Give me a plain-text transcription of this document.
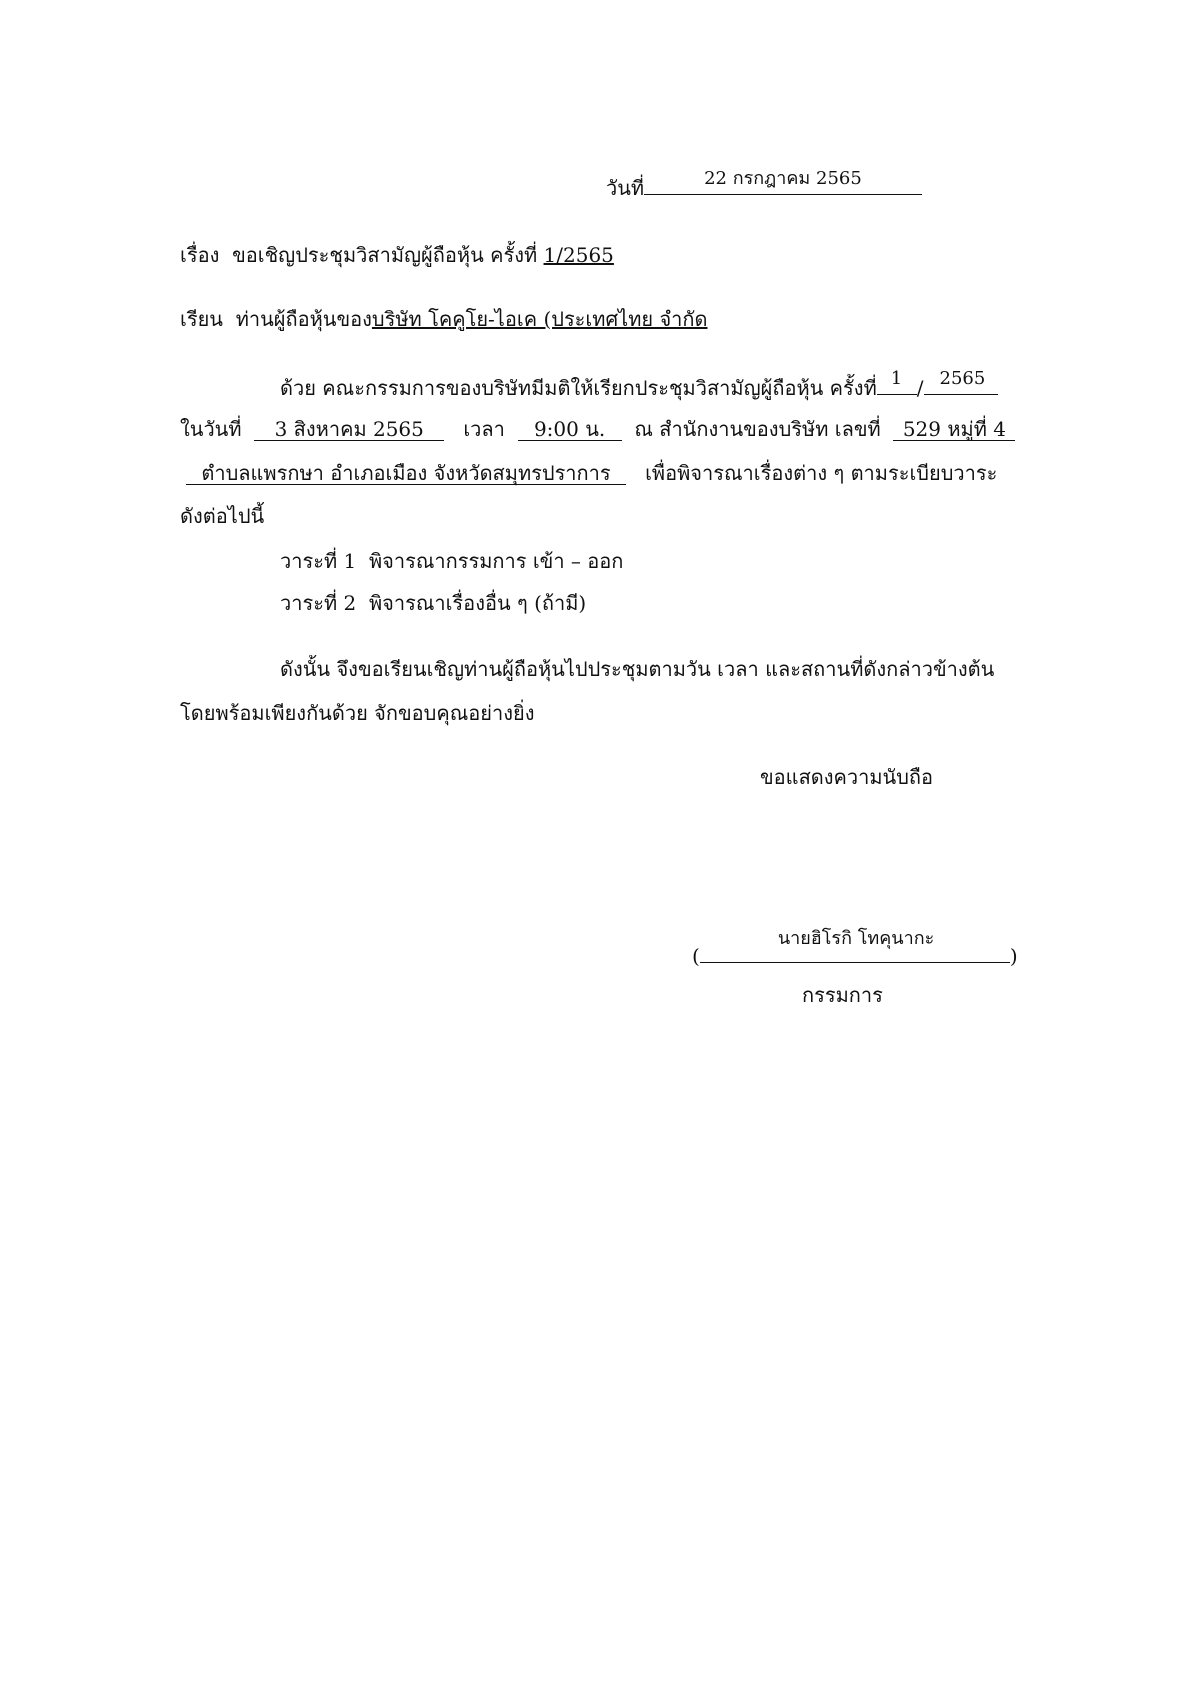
วันที่	22 กรกฎาคม 2565
เรื่อง ขอเชิญประชุมวิสามัญผู้ถือหุ้น ครั้งที่ 1/2565
เรียน ท่านผู้ถือหุ้นของบริษัท โคคูโย-ไอเค (ประเทศไทย จำกัด
ด้วย คณะกรรมการของบริษัทมีมติให้เรียกประชุมวิสามัญผู้ถือหุ้น ครั้งที่ 1 / 2565
ในวันที่ 3 สิงหาคม 2565 เวลา 9:00 น. ณ สำนักงานของบริษัท เลขที่ 529 หมู่ที่ 4
ตำบลแพรกษา อำเภอเมือง จังหวัดสมุทรปราการ เพื่อพิจารณาเรื่องต่าง ๆ ตามระเบียบวาระ
ดังต่อไปนี้
วาระที่ 1 พิจารณากรรมการ เข้า – ออก
วาระที่ 2 พิจารณาเรื่องอื่น ๆ (ถ้ามี)
ดังนั้น จึงขอเรียนเชิญท่านผู้ถือหุ้นไปประชุมตามวัน เวลา และสถานที่ดังกล่าวข้างต้น
โดยพร้อมเพียงกันด้วย จักขอบคุณอย่างยิ่ง
ขอแสดงความนับถือ
(
นายฮิโรกิ โทคุนากะ
)
กรรมการ
